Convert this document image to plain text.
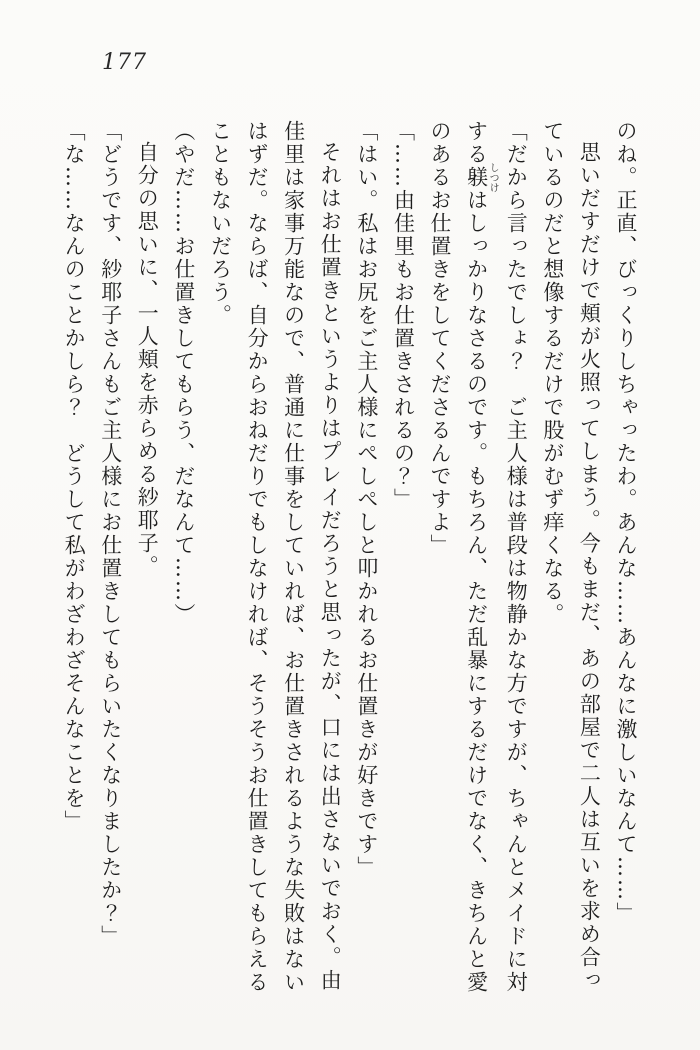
177
のね。正直、びっくりしちゃったわ。あんな……あんなに激しいなんて……」
思いだすだけで頬が火照ってしまう。今もまだ、あの部屋で二人は互いを求め合っ
ているのだと想像するだけで股がむず痒くなる。
「だから言ったでしょ？　ご主人様は普段は物静かな方ですが、ちゃんとメイドに対
する躾しつけはしっかりなさるのです。もちろん、ただ乱暴にするだけでなく、きちんと愛
のあるお仕置きをしてくださるんですよ」
「……由佳里もお仕置きされるの？」
「はい。私はお尻をご主人様にぺしぺしと叩かれるお仕置きが好きです」
それはお仕置きというよりはプレイだろうと思ったが、口には出さないでおく。由
佳里は家事万能なので、普通に仕事をしていれば、お仕置きされるような失敗はない
はずだ。ならば、自分からおねだりでもしなければ、そうそうお仕置きしてもらえる
こともないだろう。
（やだ……お仕置きしてもらう、だなんて……）
自分の思いに、一人頬を赤らめる紗耶子。
「どうです、紗耶子さんもご主人様にお仕置きしてもらいたくなりましたか？」
「な……なんのことかしら？　どうして私がわざわざそんなことを」
